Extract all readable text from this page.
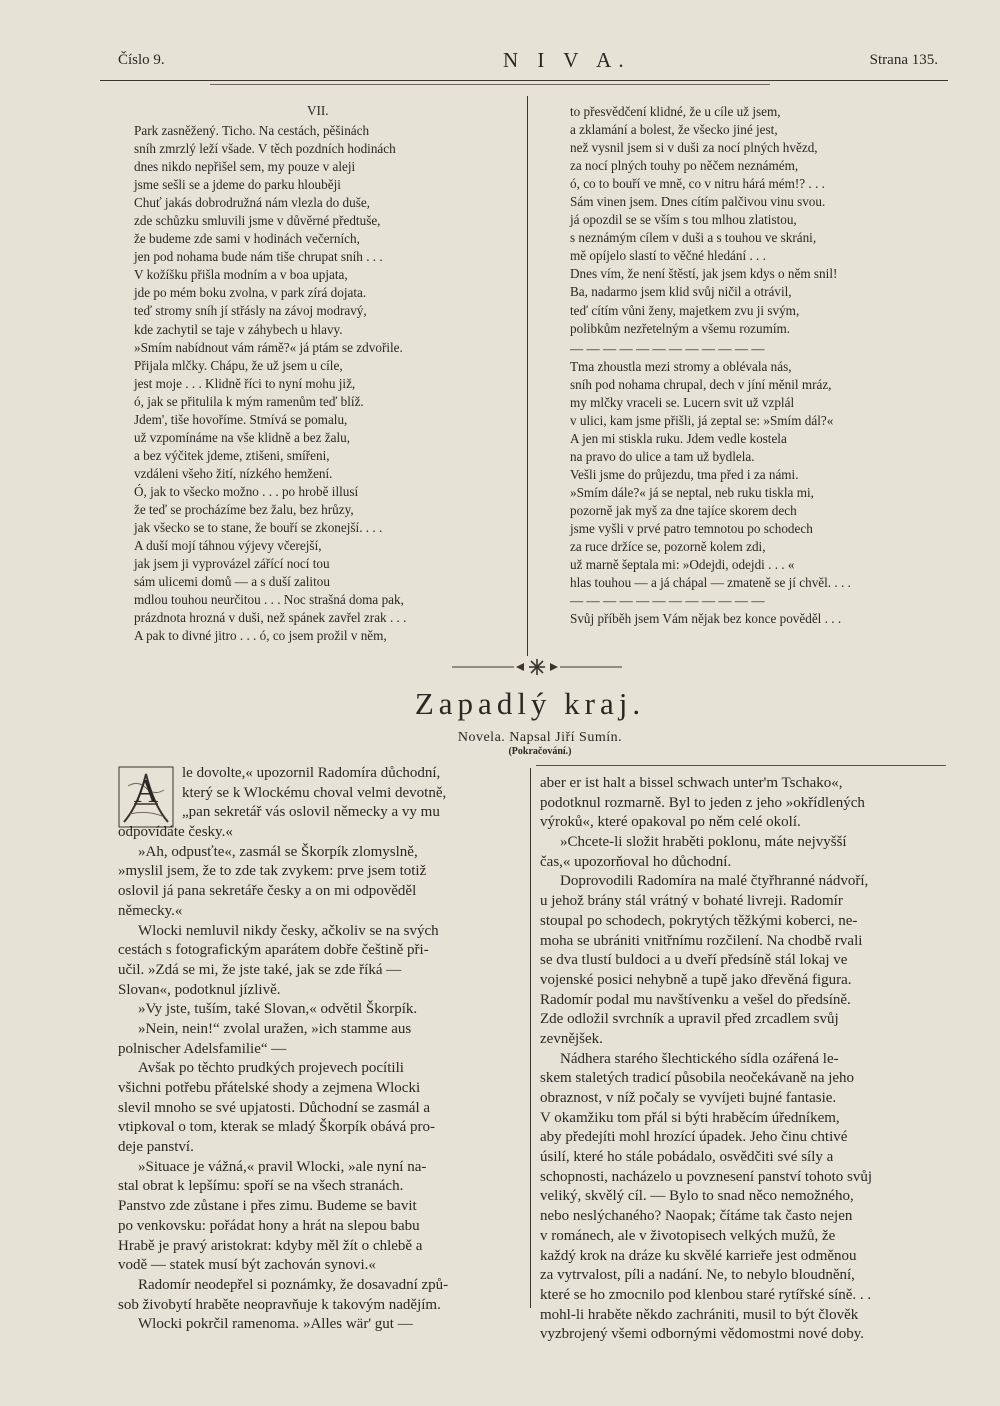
Číslo 9.	N I V A.	Strana 135.
VII.
Park zasněžený. Ticho. Na cestách, pěšinách
sníh zmrzlý leží všade. V těch pozdních hodinách
dnes nikdo nepřišel sem, my pouze v aleji
jsme sešli se a jdeme do parku hlouběji
Chuť jakás dobrodružná nám vlezla do duše,
zde schůzku smluvili jsme v důvěrné předtuše,
že budeme zde sami v hodinách večerních,
jen pod nohama bude nám tiše chrupat sníh . . .
V kožíšku přišla modním a v boa upjata,
jde po mém boku zvolna, v park zírá dojata.
teď stromy sníh jí střásly na závoj modravý,
kde zachytil se taje v záhybech u hlavy.
»Smím nabídnout vám rámě?« já ptám se zdvořile.
Přijala mlčky. Chápu, že už jsem u cíle,
jest moje . . . Klidně říci to nyní mohu již,
ó, jak se přitulila k mým ramenům teď blíž.
Jdem', tiše hovoříme. Stmívá se pomalu,
už vzpomínáme na vše klidně a bez žalu,
a bez výčitek jdeme, ztišeni, smířeni,
vzdáleni všeho žití, nízkého hemžení.
Ó, jak to všecko možno . . . po hrobě illusí
že teď se procházíme bez žalu, bez hrůzy,
jak všecko se to stane, že bouří se zkonejší. . . .
A duší mojí táhnou výjevy včerejší,
jak jsem ji vyprovázel zářící nocí tou
sám ulicemi domů — a s duší zalitou
mdlou touhou neurčitou . . . Noc strašná doma pak,
prázdnota hrozná v duši, než spánek zavřel zrak . . .
A pak to divné jitro . . . ó, co jsem prožil v něm,
to přesvědčení klidné, že u cíle už jsem,
a zklamání a bolest, že všecko jiné jest,
než vysnil jsem si v duši za nocí plných hvězd,
za nocí plných touhy po něčem neznámém,
ó, co to bouří ve mně, co v nitru hárá mém!? . . .
Sám vinen jsem. Dnes cítím palčivou vinu svou.
já opozdil se se vším s tou mlhou zlatistou,
s neznámým cílem v duši a s touhou ve skráni,
mě opíjelo slastí to věčné hledání . . .
Dnes vím, že není štěstí, jak jsem kdys o něm snil!
Ba, nadarmo jsem klid svůj ničil a otrávil,
teď cítím vůni ženy, majetkem zvu ji svým,
polibkům nezřetelným a všemu rozumím.
— — — — — — — — — — — —
Tma zhoustla mezi stromy a oblévala nás,
sníh pod nohama chrupal, dech v jíní měnil mráz,
my mlčky vraceli se. Lucern svit už vzplál
v ulici, kam jsme přišli, já zeptal se: »Smím dál?«
A jen mi stiskla ruku. Jdem vedle kostela
na pravo do ulice a tam už bydlela.
Vešli jsme do průjezdu, tma před i za námi.
»Smím dále?« já se neptal, neb ruku tiskla mi,
pozorně jak myš za dne tajíce skorem dech
jsme vyšli v prvé patro temnotou po schodech
za ruce držíce se, pozorně kolem zdi,
už marně šeptala mi: »Odejdi, odejdi . . . «
hlas touhou — a já chápal — zmateně se jí chvěl. . . .
— — — — — — — — — — — —
Svůj příběh jsem Vám nějak bez konce pověděl . . .
Zapadlý kraj.
Novela. Napsal Jiří Sumín.
(Pokračování.)
A	le dovolte,« upozornil Radomíra důchodní,
který se k Wlockému choval velmi devotně,
„pan sekretář vás oslovil německy a vy mu
odpovídáte česky.«
»Ah, odpusťte«, zasmál se Škorpík zlomyslně,
»myslil jsem, že to zde tak zvykem: prve jsem totiž
oslovil já pana sekretáře česky a on mi odpověděl
německy.«
Wlocki nemluvil nikdy česky, ačkoliv se na svých
cestách s fotografickým aparátem dobře češtině při-
učil. »Zdá se mi, že jste také, jak se zde říká —
Slovan«, podotknul jízlivě.
»Vy jste, tuším, také Slovan,« odvětil Škorpík.
»Nein, nein!“ zvolal uražen, »ich stamme aus
polnischer Adelsfamilie“ —
Avšak po těchto prudkých projevech pocítili
všichni potřebu přátelské shody a zejmena Wlocki
slevil mnoho se své upjatosti. Důchodní se zasmál a
vtipkoval o tom, kterak se mladý Škorpík obává pro-
deje panství.
»Situace je vážná,« pravil Wlocki, »ale nyní na-
stal obrat k lepšímu: spoří se na všech stranách.
Panstvo zde zůstane i přes zimu. Budeme se bavit
po venkovsku: pořádat hony a hrát na slepou babu
Hrabě je pravý aristokrat: kdyby měl žít o chlebě a
vodě — statek musí být zachován synovi.«
Radomír neodepřel si poznámky, že dosavadní způ-
sob živobytí hraběte neopravňuje k takovým nadějím.
Wlocki pokrčil ramenoma. »Alles wär' gut —
aber er ist halt a bissel schwach unter'm Tschako«,
podotknul rozmarně. Byl to jeden z jeho »okřídlených
výroků«, které opakoval po něm celé okolí.
»Chcete-li složit hraběti poklonu, máte nejvyšší
čas,« upozorňoval ho důchodní.
Doprovodili Radomíra na malé čtyřhranné nádvoří,
u jehož brány stál vrátný v bohaté livreji. Radomír
stoupal po schodech, pokrytých těžkými koberci, ne-
moha se ubrániti vnitřnímu rozčilení. Na chodbě rvali
se dva tlustí buldoci a u dveří předsíně stál lokaj ve
vojenské posici nehybně a tupě jako dřevěná figura.
Radomír podal mu navštívenku a vešel do předsíně.
Zde odložil svrchník a upravil před zrcadlem svůj
zevnějšek.
Nádhera starého šlechtického sídla ozářená le-
skem staletých tradicí působila neočekávaně na jeho
obraznost, v níž počaly se vyvíjeti bujné fantasie.
V okamžiku tom přál si býti hraběcím úředníkem,
aby předejíti mohl hrozící úpadek. Jeho činu chtivé
úsilí, které ho stále pobádalo, osvědčiti své síly a
schopnosti, nacházelo u povznesení panství tohoto svůj
veliký, skvělý cíl. — Bylo to snad něco nemožného,
nebo neslýchaného? Naopak; čítáme tak často nejen
v románech, ale v životopisech velkých mužů, že
každý krok na dráze ku skvělé karrieře jest odměnou
za vytrvalost, píli a nadání. Ne, to nebylo bloudnění,
které se ho zmocnilo pod klenbou staré rytířské síně. . .
mohl-li hraběte někdo zachrániti, musil to být člověk
vyzbrojený všemi odbornými vědomostmi nové doby.
